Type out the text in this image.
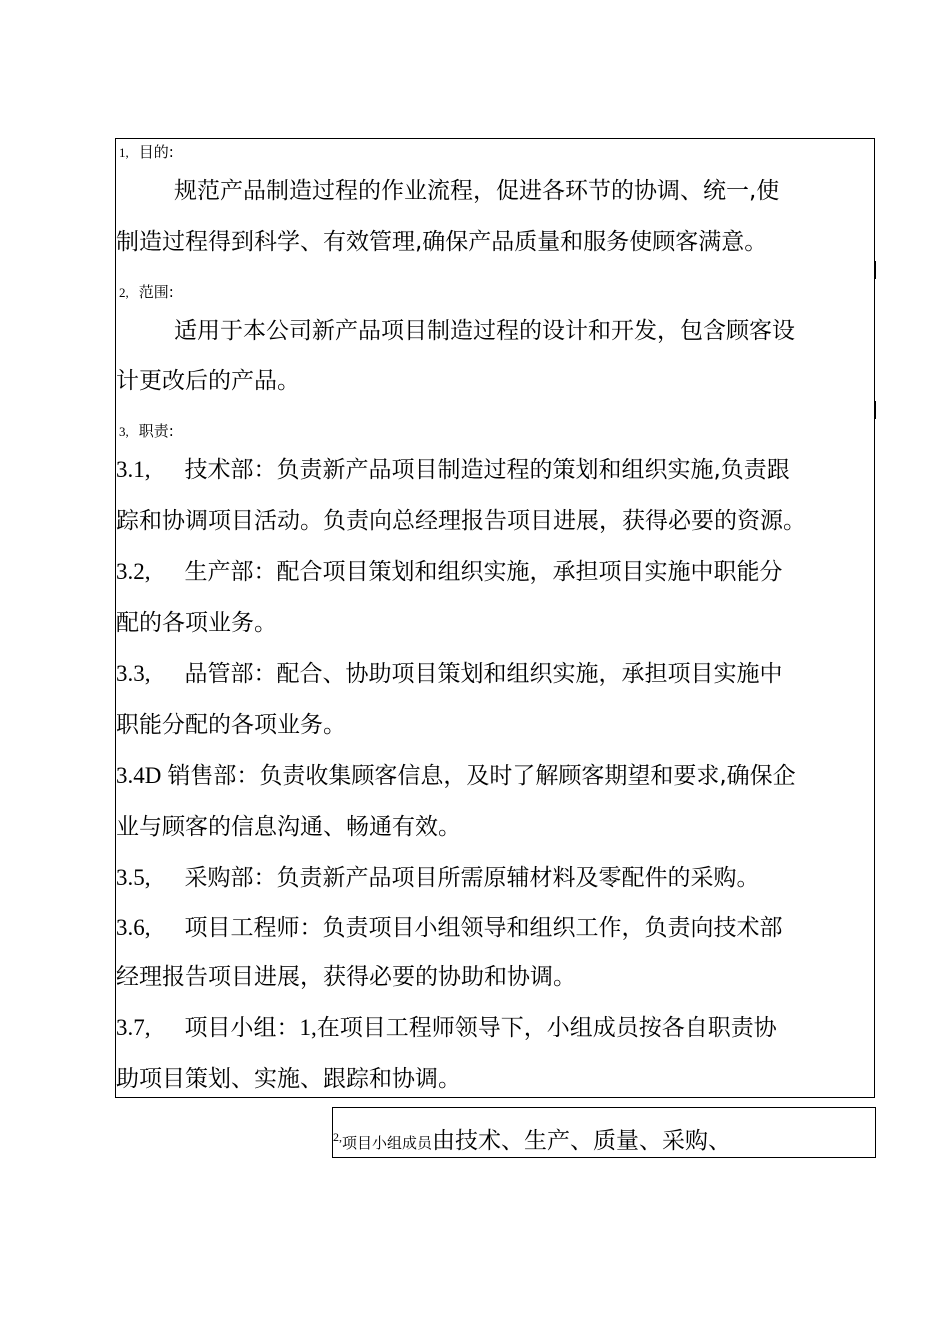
1, 目的:
规范产品制造过程的作业流程，促进各环节的协调、统一,使
制造过程得到科学、有效管理,确保产品质量和服务使顾客满意。
2, 范围:
适用于本公司新产品项目制造过程的设计和开发，包含顾客设
计更改后的产品。
3, 职责:
3.1, 技术部：负责新产品项目制造过程的策划和组织实施,负责跟
踪和协调项目活动。负责向总经理报告项目进展，获得必要的资源。
3.2, 生产部：配合项目策划和组织实施，承担项目实施中职能分
配的各项业务。
3.3, 品管部：配合、协助项目策划和组织实施，承担项目实施中
职能分配的各项业务。
3.4D 销售部：负责收集顾客信息，及时了解顾客期望和要求,确保企
业与顾客的信息沟通、畅通有效。
3.5, 采购部：负责新产品项目所需原辅材料及零配件的采购。
3.6, 项目工程师：负责项目小组领导和组织工作，负责向技术部
经理报告项目进展，获得必要的协助和协调。
3.7, 项目小组：1,在项目工程师领导下，小组成员按各自职责协
助项目策划、实施、跟踪和协调。
$^{2,}$项目小组成员由技术、生产、质量、采购、
